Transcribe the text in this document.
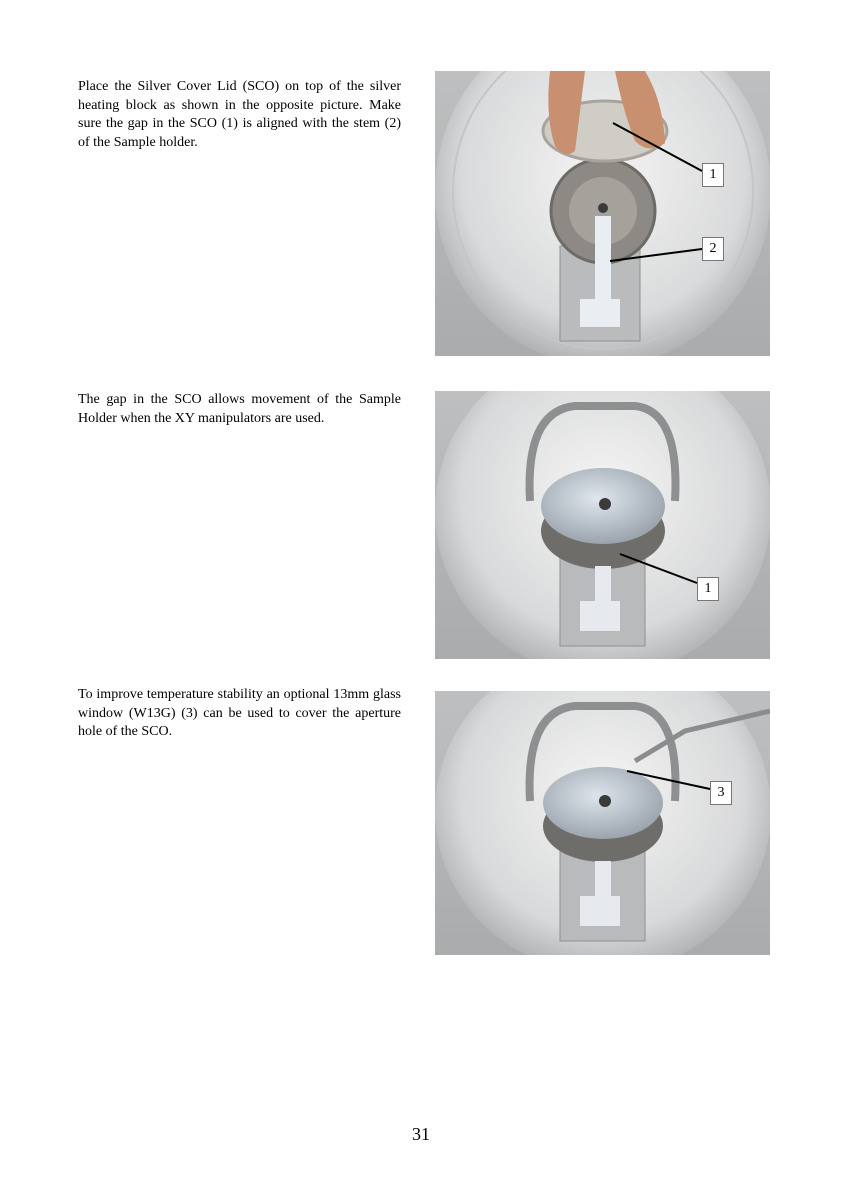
Place the Silver Cover Lid (SCO) on top of the silver heating block as shown in the opposite picture. Make sure the gap in the SCO (1) is aligned with the stem (2) of the Sample holder.
1
2
The gap in the SCO allows movement of the Sample Holder when the XY manipulators are used.
1
To improve temperature stability an optional 13mm glass window (W13G) (3) can be used to cover the aperture hole of the SCO.
3
31
